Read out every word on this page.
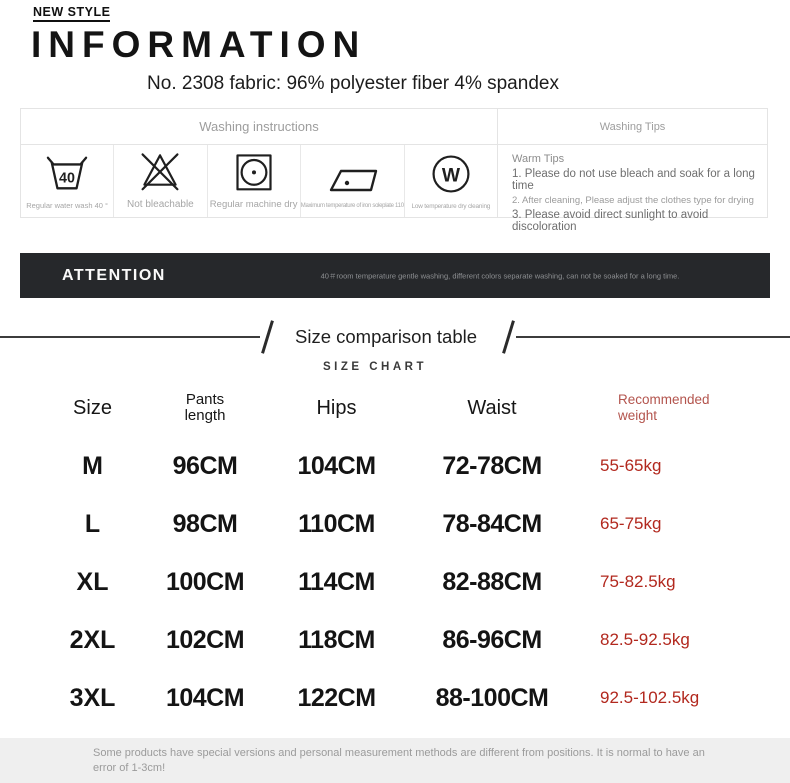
NEW STYLE
INFORMATION
No. 2308 fabric: 96% polyester fiber 4% spandex
Washing instructions
40
Regular water wash 40 ° Not bleachable Regular machine dry Maximum temperature of iron soleplate 110
W
Low temperature dry cleaning
Washing Tips
Warm Tips
1. Please do not use bleach and soak for a long time
2. After cleaning, Please adjust the clothes type for drying
3. Please avoid direct sunlight to avoid discoloration
ATTENTION	40＃room temperature gentle washing, different colors separate washing, can not be soaked for a long time.
Size comparison table
SIZE CHART
Size	Pants length	Hips	Waist	Recommended weight
M	96CM	104CM	72-78CM	55-65kg
L	98CM	110CM	78-84CM	65-75kg
XL	100CM	114CM	82-88CM	75-82.5kg
2XL	102CM	118CM	86-96CM	82.5-92.5kg
3XL	104CM	122CM	88-100CM	92.5-102.5kg
Some products have special versions and personal measurement methods are different from positions. It is normal to have an error of 1-3cm!
